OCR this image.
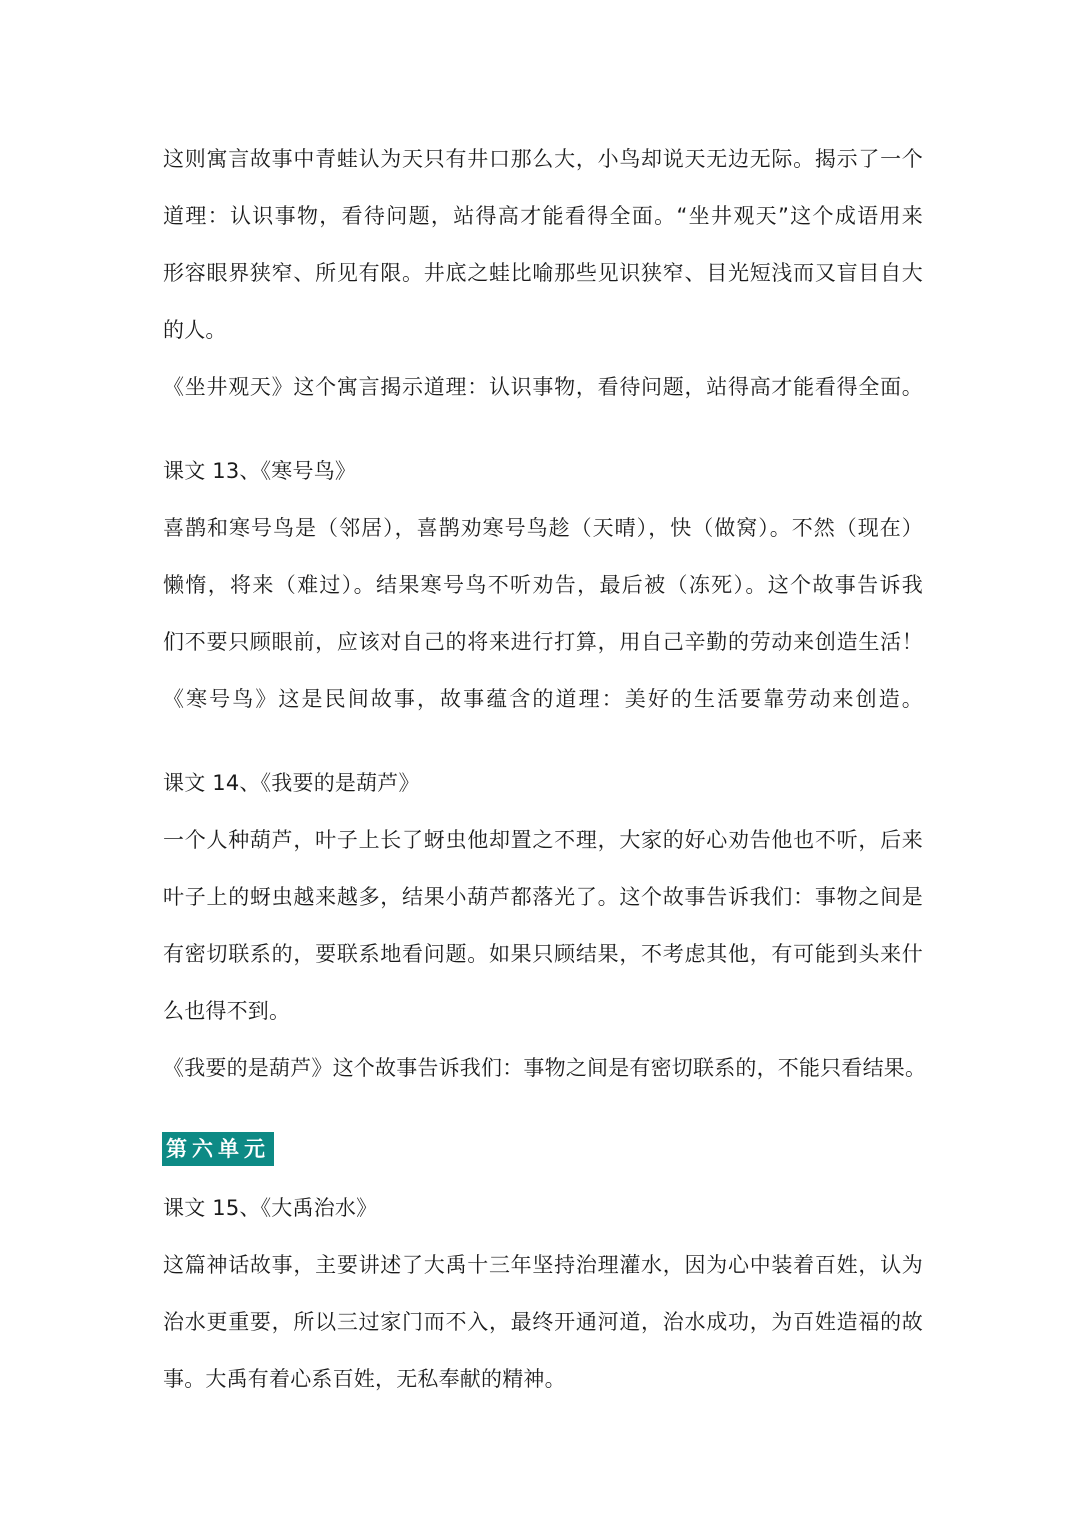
这则寓言故事中青蛙认为天只有井口那么大，小鸟却说天无边无际。揭示了一个
道理：认识事物，看待问题，站得高才能看得全面。“坐井观天”这个成语用来
形容眼界狭窄、所见有限。井底之蛙比喻那些见识狭窄、目光短浅而又盲目自大
的人。
《坐井观天》这个寓言揭示道理：认识事物，看待问题，站得高才能看得全面。
课文 13、《寒号鸟》
喜鹊和寒号鸟是（邻居），喜鹊劝寒号鸟趁（天晴），快（做窝）。不然（现在）
懒惰，将来（难过）。结果寒号鸟不听劝告，最后被（冻死）。这个故事告诉我
们不要只顾眼前，应该对自己的将来进行打算，用自己辛勤的劳动来创造生活！
《寒号鸟》这是民间故事，故事蕴含的道理：美好的生活要靠劳动来创造。
课文 14、《我要的是葫芦》
一个人种葫芦，叶子上长了蚜虫他却置之不理，大家的好心劝告他也不听，后来
叶子上的蚜虫越来越多，结果小葫芦都落光了。这个故事告诉我们：事物之间是
有密切联系的，要联系地看问题。如果只顾结果，不考虑其他，有可能到头来什
么也得不到。
《我要的是葫芦》这个故事告诉我们：事物之间是有密切联系的，不能只看结果。
第六单元
课文 15、《大禹治水》
这篇神话故事，主要讲述了大禹十三年坚持治理灌水，因为心中装着百姓，认为
治水更重要，所以三过家门而不入，最终开通河道，治水成功，为百姓造福的故
事。大禹有着心系百姓，无私奉献的精神。
